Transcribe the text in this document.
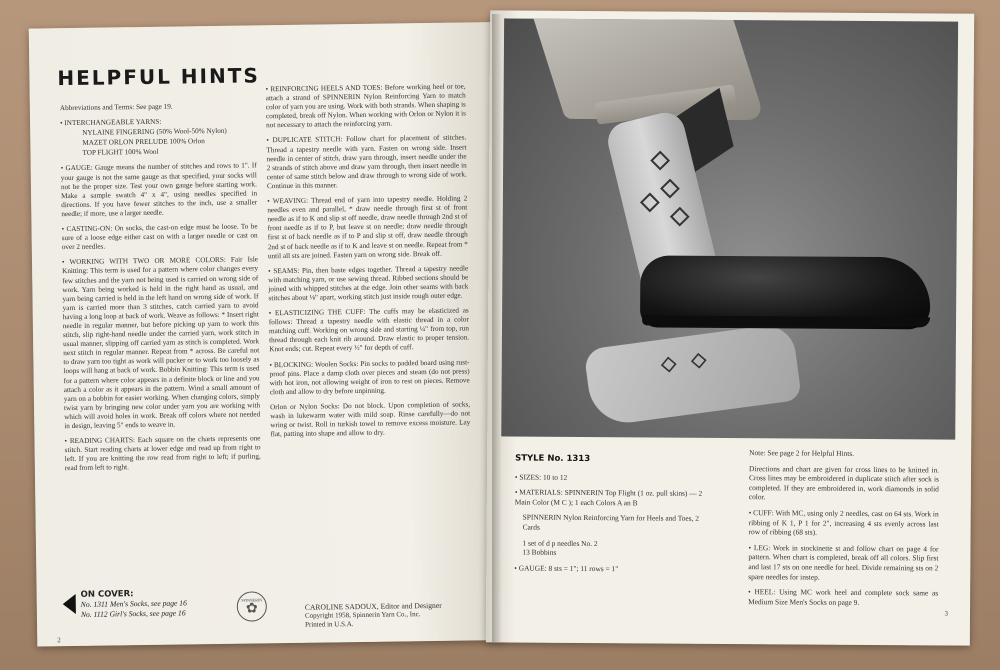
HELPFUL HINTS

Abbreviations and Terms: See page 19.

• INTERCHANGEABLE YARNS:

NYLAINE FINGERING (50% Wool-50% Nylon)

MAZET ORLON PRELUDE 100% Orlon

TOP FLIGHT 100% Wool

• GAUGE: Gauge means the number of stitches and rows to 1". If your gauge is not the same gauge as that specified, your socks will not be the proper size. Test your own gauge before starting work. Make a sample swatch 4" x 4", using needles specified in directions. If you have fewer stitches to the inch, use a smaller needle; if more, use a larger needle.

• CASTING-ON: On socks, the cast-on edge must be loose. To be sure of a loose edge either cast on with a larger needle or cast on over 2 needles.

• WORKING WITH TWO OR MORE COLORS: Fair Isle Knitting: This term is used for a pattern where color changes every few stitches and the yarn not being used is carried on wrong side of work. Yarn being worked is held in the right hand as usual, and yarn being carried is held in the left hand on wrong side of work. If yarn is carried more than 3 stitches, catch carried yarn to avoid having a long loop at back of work. Weave as follows: * Insert right needle in regular manner, but before picking up yarn to work this stitch, slip right-hand needle under the carried yarn, work stitch in usual manner, slipping off carried yarn as stitch is completed. Work next stitch in regular manner. Repeat from * across. Be careful not to draw yarn too tight as work will pucker or to work too loosely as loops will hang at back of work. Bobbin Knitting: This term is used for a pattern where color appears in a definite block or line and you attach a color as it appears in the pattern. Wind a small amount of yarn on a bobbin for easier working. When changing colors, simply twist yarn by bringing new color under yarn you are working with which will avoid holes in work. Break off colors where not needed in design, leaving 5" ends to weave in.

• READING CHARTS: Each square on the charts represents one stitch. Start reading charts at lower edge and read up from right to left. If you are knitting the row read from right to left; if purling, read from left to right.

• REINFORCING HEELS AND TOES: Before working heel or toe, attach a strand of SPINNERIN Nylon Reinforcing Yarn to match color of yarn you are using. Work with both strands. When shaping is completed, break off Nylon. When working with Orlon or Nylon it is not necessary to attach the reinforcing yarn.

• DUPLICATE STITCH: Follow chart for placement of stitches. Thread a tapestry needle with yarn. Fasten on wrong side. Insert needle in center of stitch, draw yarn through, insert needle under the 2 strands of stitch above and draw yarn through, then insert needle in center of same stitch below and draw through to wrong side of work. Continue in this manner.

• WEAVING: Thread end of yarn into tapestry needle. Holding 2 needles even and parallel, * draw needle through first st of front needle as if to K and slip st off needle, draw needle through 2nd st of front needle as if to P, but leave st on needle; draw needle through first st of back needle as if to P and slip st off, draw needle through 2nd st of back needle as if to K and leave st on needle. Repeat from * until all sts are joined. Fasten yarn on wrong side. Break off.

• SEAMS: Pin, then baste edges together. Thread a tapestry needle with matching yarn, or use sewing thread. Ribbed sections should be joined with whipped stitches at the edge. Join other seams with back stitches about ⅛" apart, working stitch just inside rough outer edge.

• ELASTICIZING THE CUFF: The cuffs may be elasticized as follows: Thread a tapestry needle with elastic thread in a color matching cuff. Working on wrong side and starting ¼" from top, run thread through each knit rib around. Draw elastic to proper tension. Knot ends; cut. Repeat every ½" for depth of cuff.

• BLOCKING: Woolen Socks: Pin socks to padded board using rust-proof pins. Place a damp cloth over pieces and steam (do not press) with hot iron, not allowing weight of iron to rest on pieces. Remove cloth and allow to dry before unpinning.

Orlon or Nylon Socks: Do not block. Upon completion of socks, wash in lukewarm water with mild soap. Rinse carefully—do not wring or twist. Roll in turkish towel to remove excess moisture. Lay flat, patting into shape and allow to dry.

ON COVER:
No. 1311 Men's Socks, see page 16
No. 1112 Girl's Socks, see page 16
SPINNERIN
✿	CAROLINE SADOUX, Editor and Designer
Copyright 1958, Spinnerin Yarn Co., Inc.
Printed in U.S.A.
2
STYLE No. 1313

• SIZES: 10 to 12

• MATERIALS: SPINNERIN Top Flight (1 oz. pull skins) — 2 Main Color (M C ); 1 each Colors A an B

SPINNERIN Nylon Reinforcing Yarn for Heels and Toes, 2 Cards

1 set of d p needles No. 2

13 Bobbins

• GAUGE: 8 sts = 1"; 11 rows = 1"

Note: See page 2 for Helpful Hints.

Directions and chart are given for cross lines to be knitted in. Cross lines may be embroidered in duplicate stitch after sock is completed. If they are embroidered in, work diamonds in solid color.

• CUFF: With MC, using only 2 needles, cast on 64 sts. Work in ribbing of K 1, P 1 for 2", increasing 4 sts evenly across last row of ribbing (68 sts).

• LEG: Work in stockinette st and follow chart on page 4 for pattern. When chart is completed, break off all colors. Slip first and last 17 sts on one needle for heel. Divide remaining sts on 2 spare needles for instep.

• HEEL: Using MC work heel and complete sock same as Medium Size Men's Socks on page 9.

3
